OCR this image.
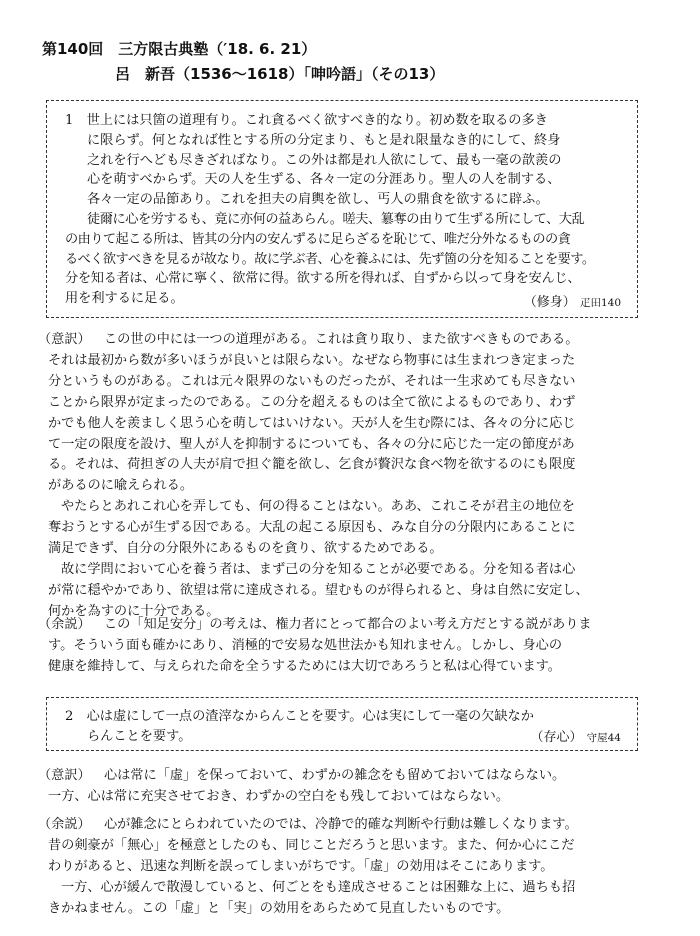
第140回　三方限古典塾（′18. 6. 21）
呂　新吾（1536〜1618）「呻吟語」（その13）

1　世上には只箇の道理有り。これ貪るべく欲すべき的なり。初め数を取るの多き

に限らず。何となれば性とする所の分定まり、もと是れ限量なき的にして、終身

之れを行へども尽きざればなり。この外は都是れ人欲にして、最も一毫の歆羨の

心を萌すべからず。天の人を生ずる、各々一定の分涯あり。聖人の人を制する、

各々一定の品節あり。これを担夫の肩輿を欲し、丐人の鼎食を欲するに辟ふ。

徒爾に心を労するも、竟に亦何の益あらん。嗟夫、簒奪の由りて生ずる所にして、大乱

の由りて起こる所は、皆其の分内の安んずるに足らざるを恥じて、唯だ分外なるものの貪

るべく欲すべきを見るが故なり。故に学ぶ者、心を養ふには、先ず箇の分を知ることを要す。

分を知る者は、心常に寧く、欲常に得。欲する所を得れば、自ずから以って身を安んじ、

用を利するに足る。	（修身） 疋田140

（意訳）　 この世の中には一つの道理がある。これは貪り取り、また欲すべきものである。

それは最初から数が多いほうが良いとは限らない。なぜなら物事には生まれつき定まった

分というものがある。これは元々限界のないものだったが、それは一生求めても尽きない

ことから限界が定まったのである。この分を超えるものは全て欲によるものであり、わず

かでも他人を羨ましく思う心を萌してはいけない。天が人を生む際には、各々の分に応じ

て一定の限度を設け、聖人が人を抑制するについても、各々の分に応じた一定の節度があ

る。それは、荷担ぎの人夫が肩で担ぐ籠を欲し、乞食が贅沢な食べ物を欲するのにも限度

があるのに喩えられる。

やたらとあれこれ心を弄しても、何の得ることはない。ああ、これこそが君主の地位を

奪おうとする心が生ずる因である。大乱の起こる原因も、みな自分の分限内にあることに

満足できず、自分の分限外にあるものを貪り、欲するためである。

故に学問において心を養う者は、まず己の分を知ることが必要である。分を知る者は心

が常に穏やかであり、欲望は常に達成される。望むものが得られると、身は自然に安定し、

何かを為すのに十分である。

（余説）　 この「知足安分」の考えは、権力者にとって都合のよい考え方だとする説がありま

す。そういう面も確かにあり、消極的で安易な処世法かも知れません。しかし、身心の

健康を維持して、与えられた命を全うするためには大切であろうと私は心得ています。

2　心は虚にして一点の渣滓なからんことを要す。心は実にして一毫の欠缺なか

らんことを要す。	（存心） 守屋44

（意訳）　 心は常に「虚」を保っておいて、わずかの雑念をも留めておいてはならない。

一方、心は常に充実させておき、わずかの空白をも残しておいてはならない。

（余説）　 心が雑念にとらわれていたのでは、冷静で的確な判断や行動は難しくなります。

昔の剣豪が「無心」を極意としたのも、同じことだろうと思います。また、何か心にこだ

わりがあると、迅速な判断を誤ってしまいがちです。「虚」の効用はそこにあります。

一方、心が緩んで散漫していると、何ごとをも達成させることは困難な上に、過ちも招

きかねません。この「虚」と「実」の効用をあらためて見直したいものです。
